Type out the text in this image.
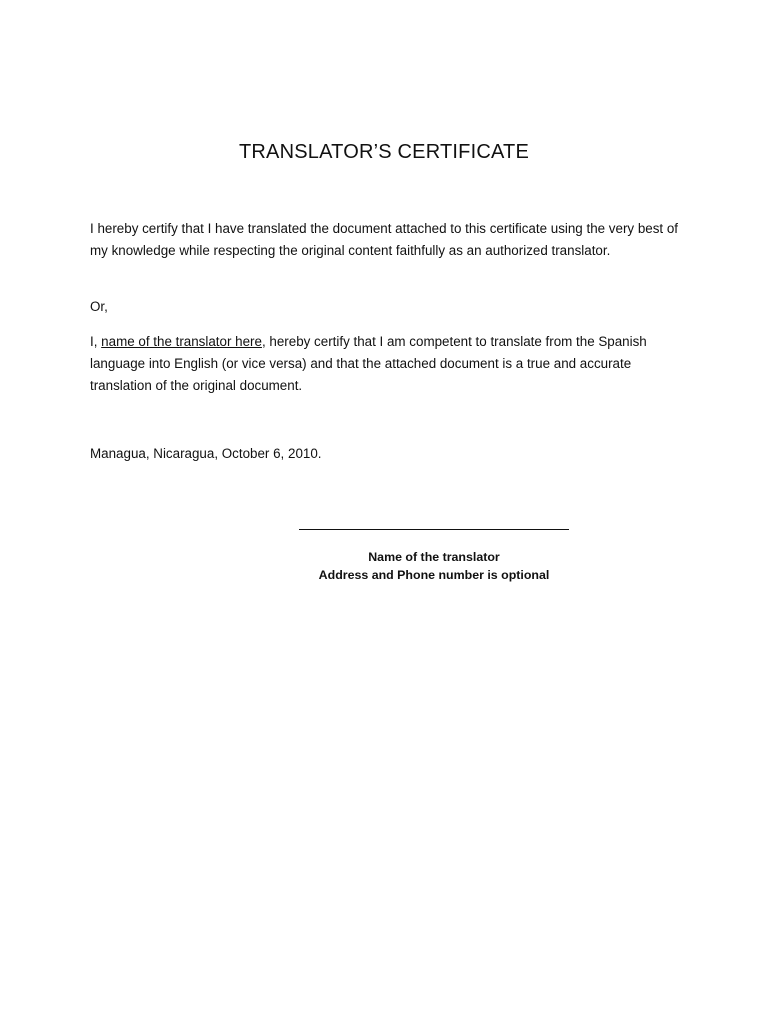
TRANSLATOR’S CERTIFICATE
I hereby certify that I have translated the document attached to this certificate using the very best of my knowledge while respecting the original content faithfully as an authorized translator.
Or,
I, name of the translator here, hereby certify that I am competent to translate from the Spanish language into English (or vice versa) and that the attached document is a true and accurate translation of the original document.
Managua, Nicaragua, October 6, 2010.
Name of the translator
Address and Phone number is optional
